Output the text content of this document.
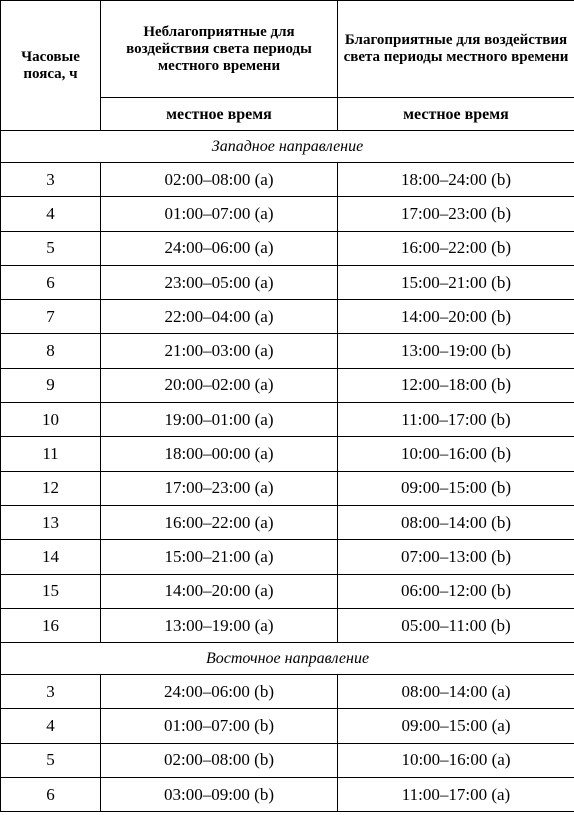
Часовые пояса, ч	Неблагоприятные для воздействия света периоды местного времени	Благоприятные для воздействия света периоды местного времени
	местное время	местное время
Западное направление		
3	02:00–08:00 (a)	18:00–24:00 (b)
4	01:00–07:00 (a)	17:00–23:00 (b)
5	24:00–06:00 (a)	16:00–22:00 (b)
6	23:00–05:00 (a)	15:00–21:00 (b)
7	22:00–04:00 (a)	14:00–20:00 (b)
8	21:00–03:00 (a)	13:00–19:00 (b)
9	20:00–02:00 (a)	12:00–18:00 (b)
10	19:00–01:00 (a)	11:00–17:00 (b)
11	18:00–00:00 (a)	10:00–16:00 (b)
12	17:00–23:00 (a)	09:00–15:00 (b)
13	16:00–22:00 (a)	08:00–14:00 (b)
14	15:00–21:00 (a)	07:00–13:00 (b)
15	14:00–20:00 (a)	06:00–12:00 (b)
16	13:00–19:00 (a)	05:00–11:00 (b)
Восточное направление		
3	24:00–06:00 (b)	08:00–14:00 (a)
4	01:00–07:00 (b)	09:00–15:00 (a)
5	02:00–08:00 (b)	10:00–16:00 (a)
6	03:00–09:00 (b)	11:00–17:00 (a)
